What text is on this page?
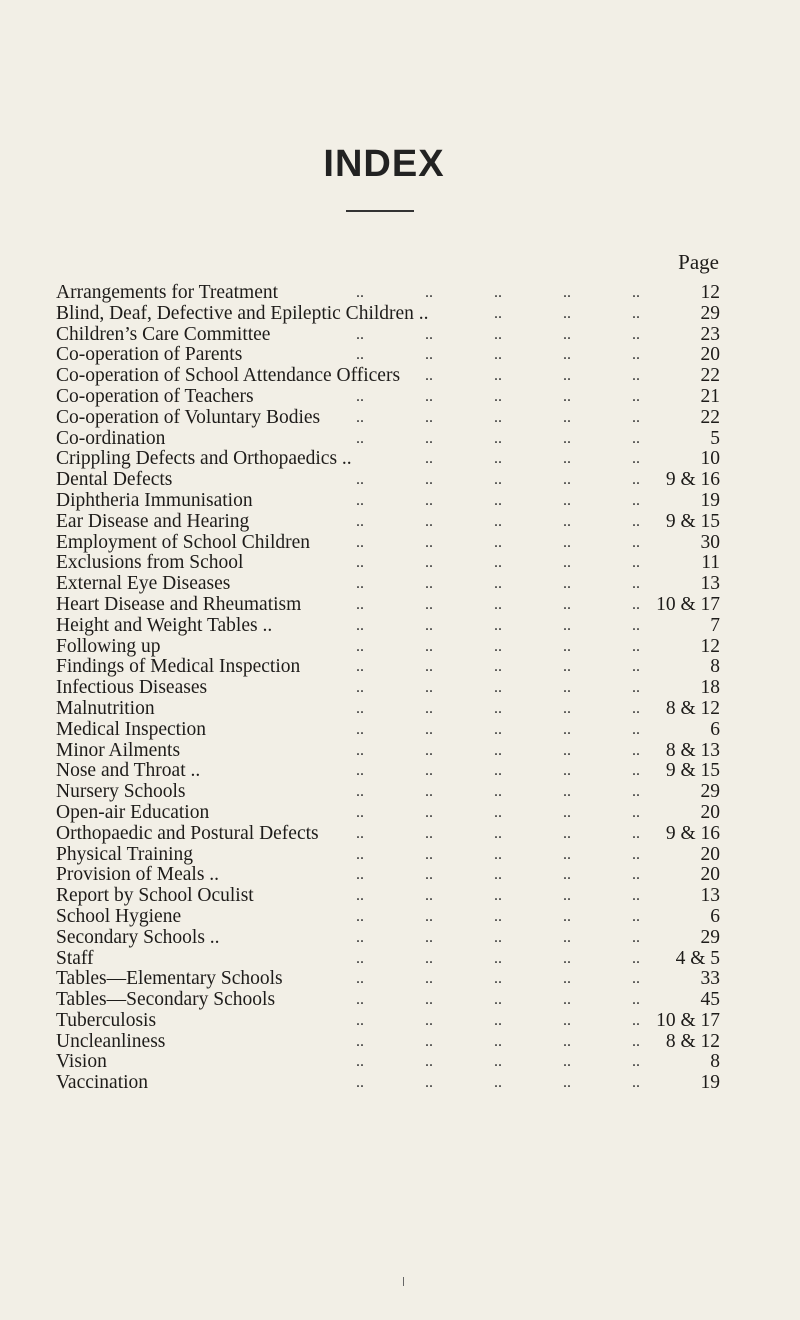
INDEX
Page
Arrangements for Treatment	..	..	..	..	..	12
Blind, Deaf, Defective and Epileptic Children ..	..	..	..	29
Children’s Care Committee	..	..	..	..	..	23
Co-operation of Parents	..	..	..	..	..	20
Co-operation of School Attendance Officers ..	..	..	..	22
Co-operation of Teachers	..	..	..	..	..	21
Co-operation of Voluntary Bodies ..	..	..	..	..	22
Co-ordination	..	..	..	..	..	5
Crippling Defects and Orthopaedics ..	..	..	..	..	10
Dental Defects	..	..	..	..	.. 9 & 16
Diphtheria Immunisation	..	..	..	..	..	19
Ear Disease and Hearing	..	..	..	..	.. 9 & 15
Employment of School Children	..	..	..	..	..	30
Exclusions from School	..	..	..	..	..	11
External Eye Diseases	..	..	..	..	..	13
Heart Disease and Rheumatism	..	..	..	..	.. 10 & 17
Height and Weight Tables ..	..	..	..	..	..	7
Following up	..	..	..	..	..	12
Findings of Medical Inspection	..	..	..	..	..	8
Infectious Diseases	..	..	..	..	..	18
Malnutrition	..	..	..	..	.. 8 & 12
Medical Inspection	..	..	..	..	..	6
Minor Ailments	..	..	..	..	.. 8 & 13
Nose and Throat ..	..	..	..	..	.. 9 & 15
Nursery Schools	..	..	..	..	..	29
Open-air Education	..	..	..	..	..	20
Orthopaedic and Postural Defects ..	..	..	..	.. 9 & 16
Physical Training	..	..	..	..	..	20
Provision of Meals ..	..	..	..	..	..	20
Report by School Oculist	..	..	..	..	..	13
School Hygiene	..	..	..	..	..	6
Secondary Schools ..	..	..	..	..	..	29
Staff	..	..	..	..	.. 4 & 5
Tables—Elementary Schools	..	..	..	..	..	33
Tables—Secondary Schools	..	..	..	..	..	45
Tuberculosis	..	..	..	..	.. 10 & 17
Uncleanliness	..	..	..	..	.. 8 & 12
Vision	..	..	..	..	..	8
Vaccination	..	..	..	..	..	19
